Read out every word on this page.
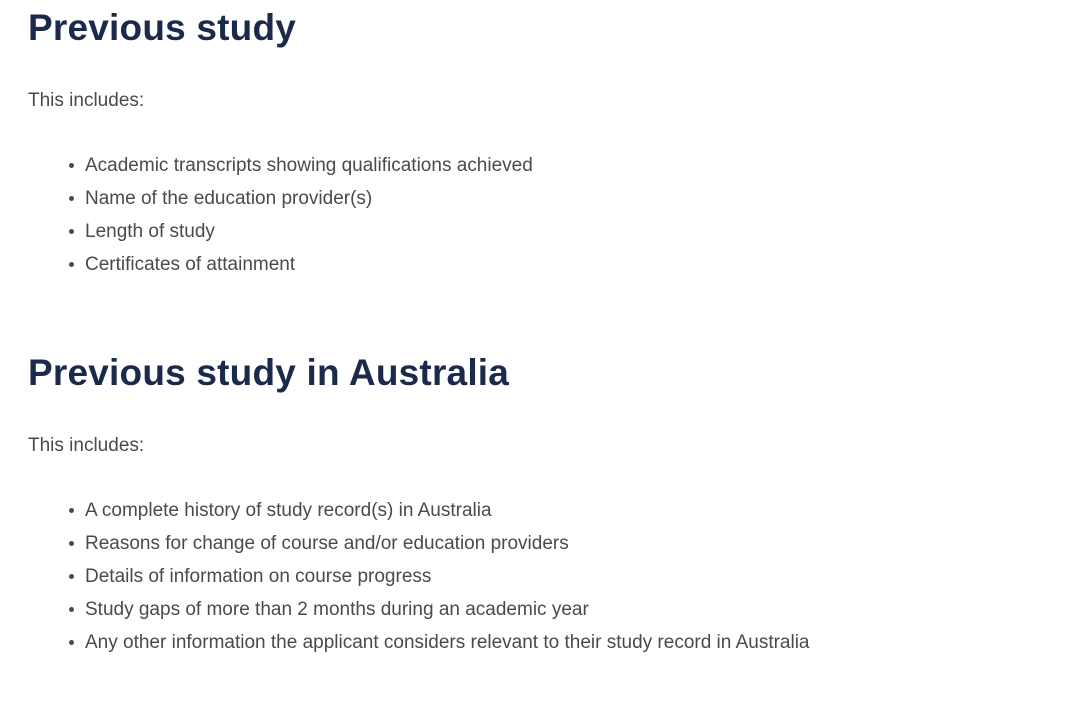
Previous study

This includes:

Academic transcripts showing qualifications achieved
Name of the education provider(s)
Length of study
Certificates of attainment
Previous study in Australia

This includes:

A complete history of study record(s) in Australia
Reasons for change of course and/or education providers
Details of information on course progress
Study gaps of more than 2 months during an academic year
Any other information the applicant considers relevant to their study record in Australia
